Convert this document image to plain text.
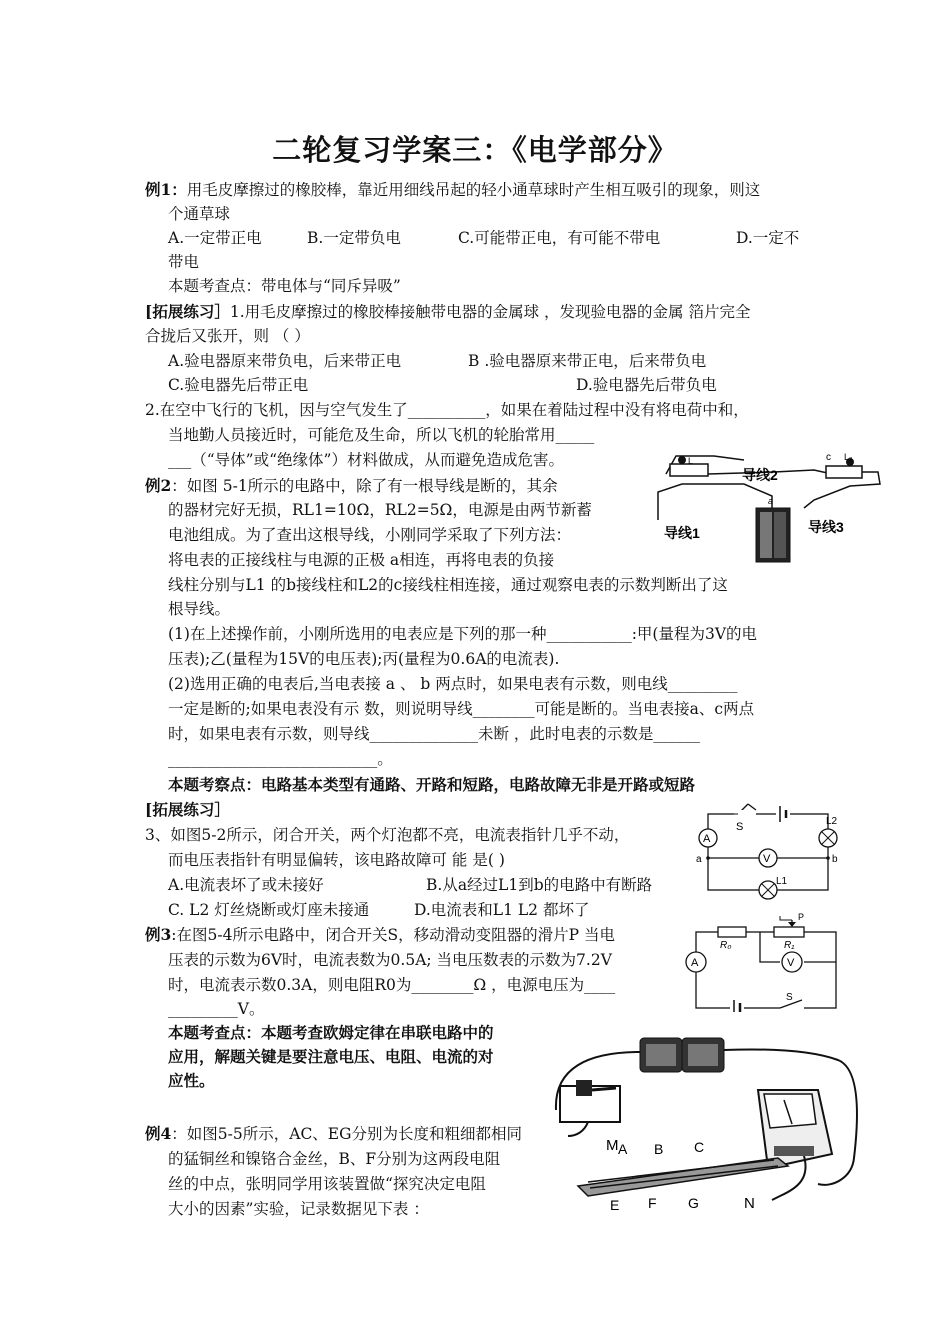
二轮复习学案三：《电学部分》
例1：用毛皮摩擦过的橡胶棒，靠近用细线吊起的轻小通草球时产生相互吸引的现象，则这
个通草球
A.一定带正电	B.一定带负电	C.可能带正电，有可能不带电	D.一定不
带电
本题考查点：带电体与“同斥异吸”
[拓展练习］1.用毛皮摩擦过的橡胶棒接触带电器的金属球 ，发现验电器的金属 箔片完全
合拢后又张开，则 （ ）
A.验电器原来带负电，后来带正电	B .验电器原来带正电，后来带负电
C.验电器先后带正电	D.验电器先后带负电
2.在空中飞行的飞机，因与空气发生了__________，如果在着陆过程中没有将电荷中和，
当地勤人员接近时，可能危及生命，所以飞机的轮胎常用_____
___（“导体”或“绝缘体”）材料做成，从而避免造成危害。
例2：如图 5-1所示的电路中，除了有一根导线是断的，其余
的器材完好无损，RL1=10Ω，RL2=5Ω，电源是由两节新蓄
电池组成。为了查出这根导线，小刚同学采取了下列方法：
将电表的正接线柱与电源的正极 a相连，再将电表的负接
线柱分别与L1 的b接线柱和L2的c接线柱相连接，通过观察电表的示数判断出了这
根导线。
(1)在上述操作前，小刚所选用的电表应是下列的那一种___________:甲(量程为3V的电
压表);乙(量程为15V的电压表);丙(量程为0.6A的电流表).
(2)选用正确的电表后,当电表接 a 、 b 两点时，如果电表有示数，则电线_________
一定是断的;如果电表没有示 数，则说明导线________可能是断的。当电表接a、c两点
时，如果电表有示数，则导线______________未断 ，此时电表的示数是______
___________________________。
本题考察点：电路基本类型有通路、开路和短路，电路故障无非是开路或短路
L	c L₂
a
导线2
导线1	导线3
[拓展练习］
3、如图5-2所示，闭合开关，两个灯泡都不亮，电流表指针几乎不动，
而电压表指针有明显偏转，该电路故障可 能 是( )
A.电流表坏了或未接好	B.从a经过L1到b的电路中有断路
C. L2 灯丝烧断或灯座未接通	D.电流表和L1 L2 都坏了
A
V
S	L2
L1
a	b
例3:在图5-4所示电路中，闭合开关S，移动滑动变阻器的滑片P 当电
压表的示数为6V时，电流表数为0.5A; 当电压数表的示数为7.2V
时，电流表示数0.3A，则电阻R0为________Ω ，电源电压为____
_________V。
本题考查点：本题考查欧姆定律在串联电路中的
应用，解题关键是要注意电压、电阻、电流的对
应性。
A	V
R₀	R₁
P
S
例4：如图5-5所示，AC、EG分别为长度和粗细都相同
的猛铜丝和镍铬合金丝，B、F分别为这两段电阻
丝的中点，张明同学用该装置做“探究决定电阻
大小的因素”实验，记录数据见下表 ：
M
N
A B C
E F G
